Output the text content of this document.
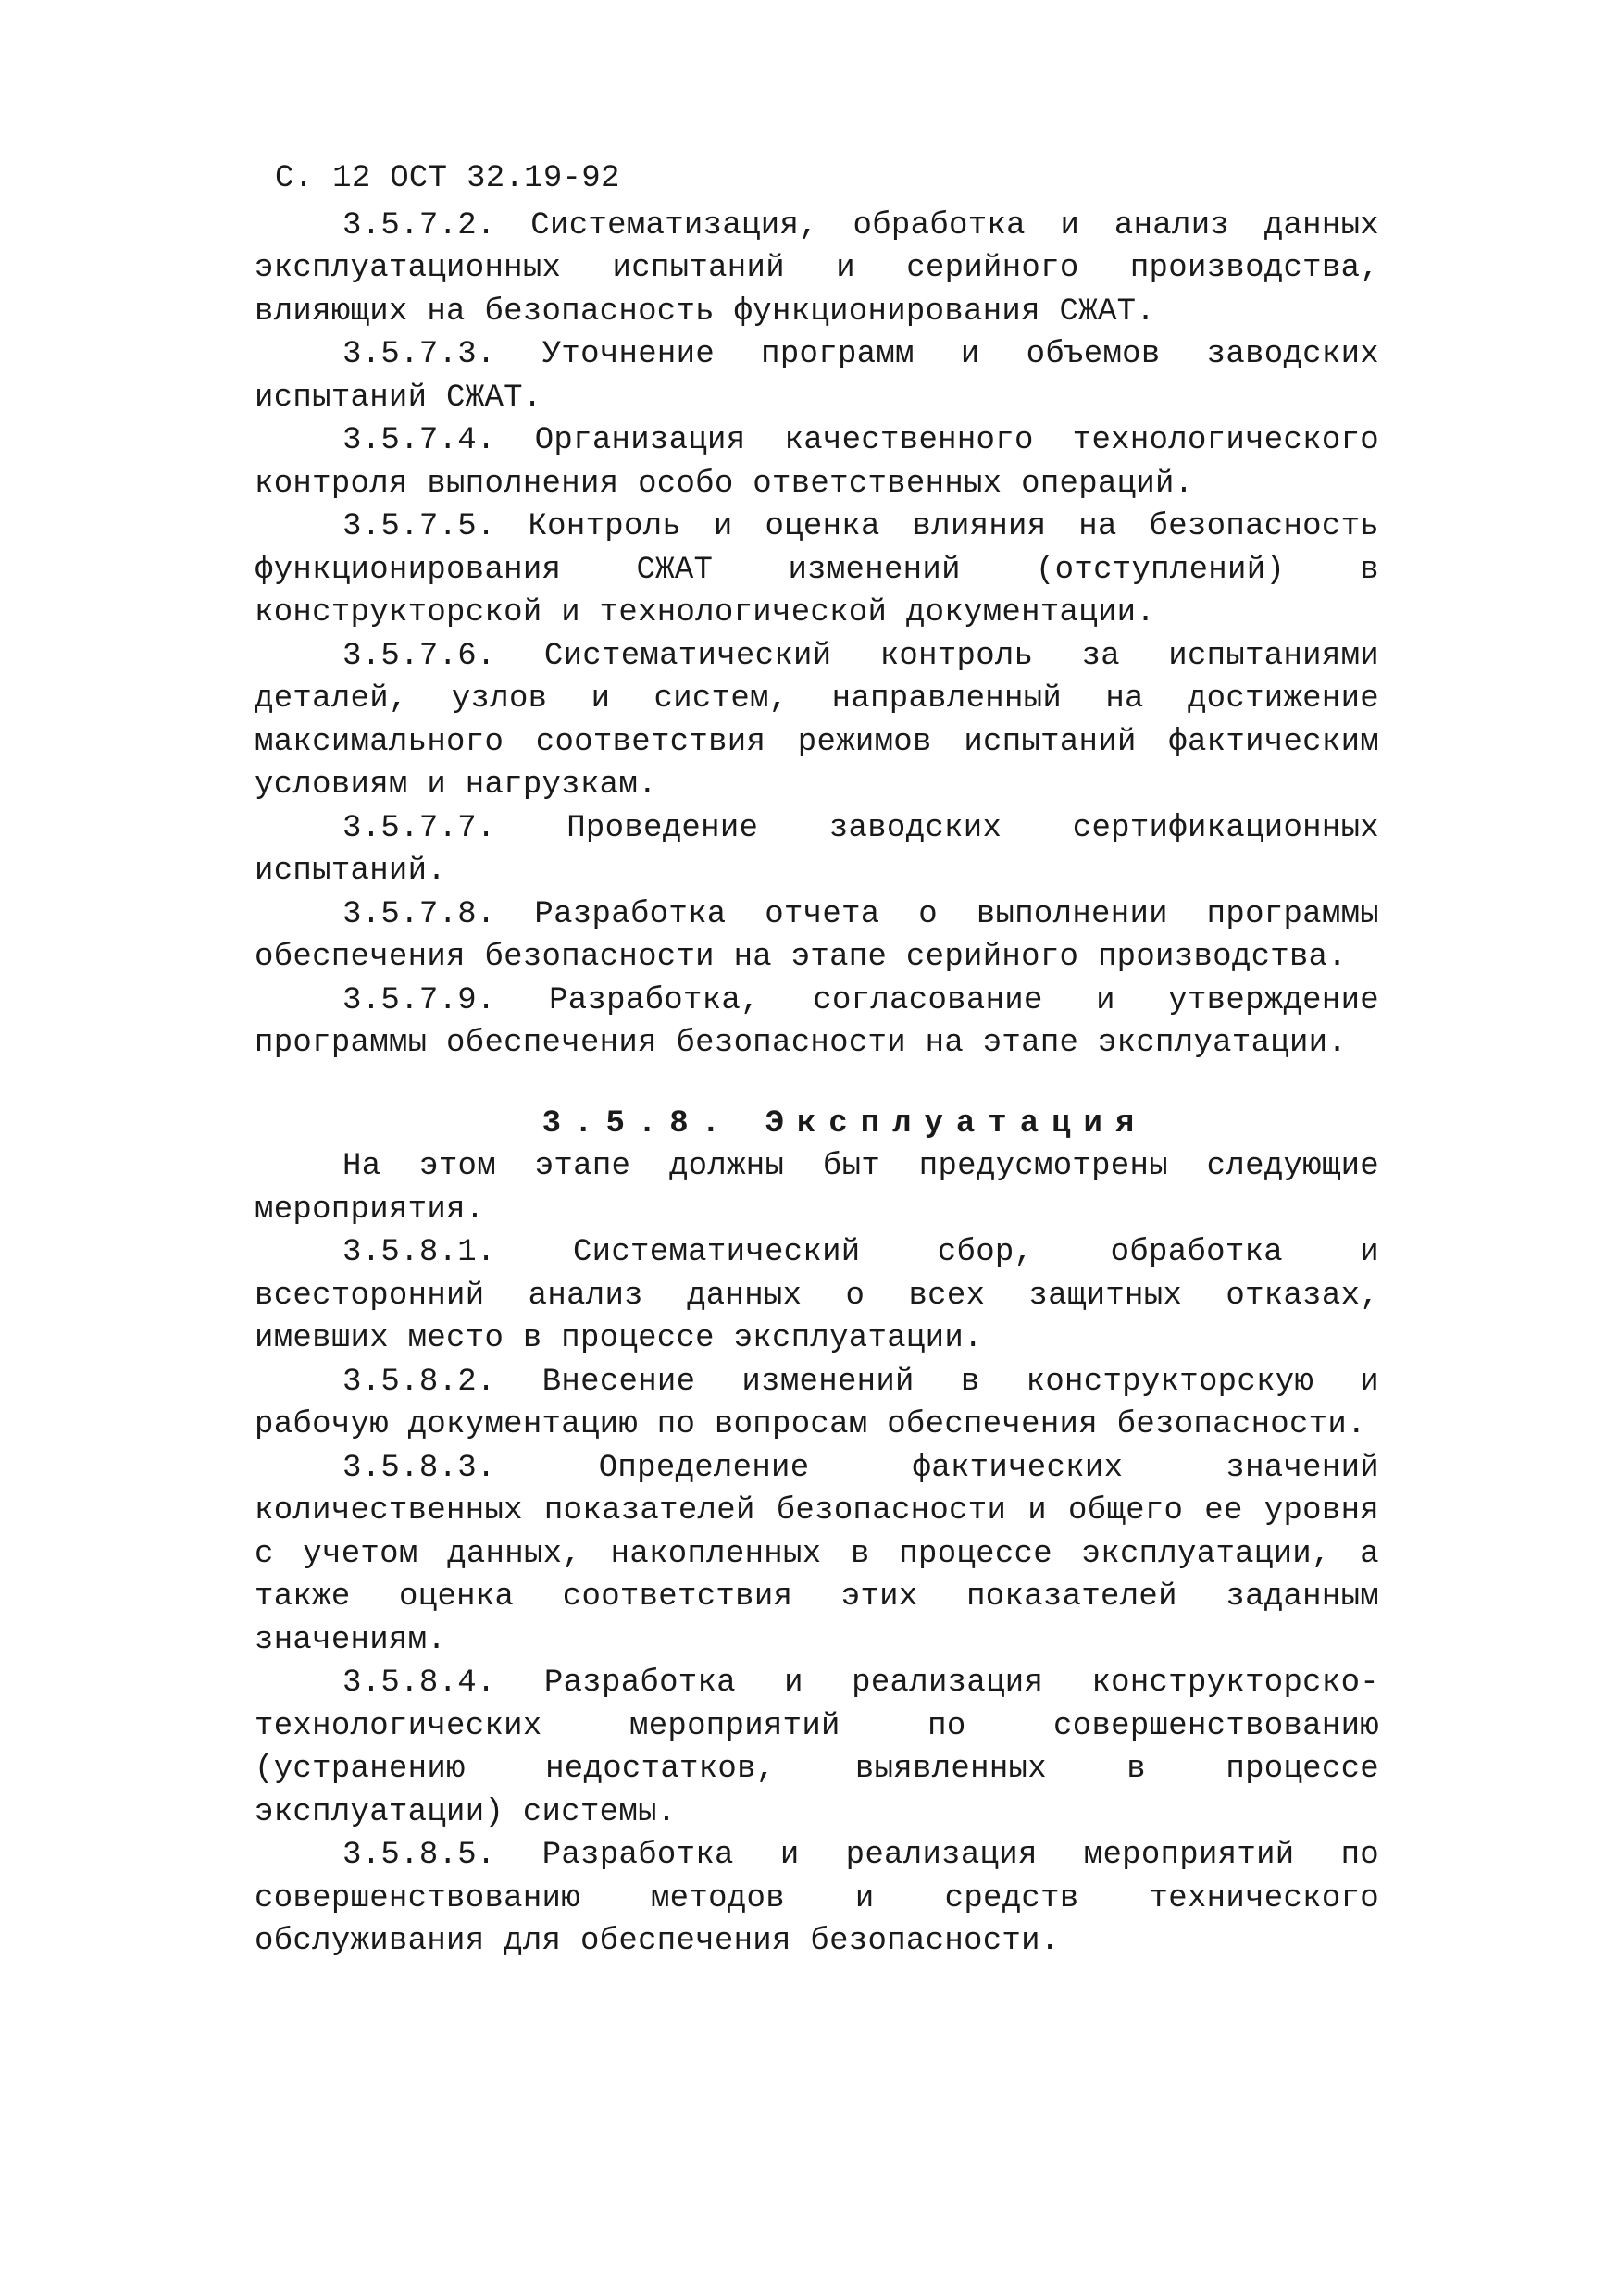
С. 12 ОСТ 32.19-92

3.5.7.2. Систематизация, обработка и анализ данных эксплуатационных испытаний и серийного производства, влияющих на безопасность функционирования СЖАТ.

3.5.7.3. Уточнение программ и объемов заводских испытаний СЖАТ.

3.5.7.4. Организация качественного технологического контроля выполнения особо ответственных операций.

3.5.7.5. Контроль и оценка влияния на безопасность функционирования СЖАТ изменений (отступлений) в конструкторской и технологической документации.

3.5.7.6. Систематический контроль за испытаниями деталей, узлов и систем, направленный на достижение максимального соответствия режимов испытаний фактическим условиям и нагрузкам.

3.5.7.7. Проведение заводских сертификационных испытаний.

3.5.7.8. Разработка отчета о выполнении программы обеспечения безопасности на этапе серийного производства.

3.5.7.9. Разработка, согласование и утверждение программы обеспечения безопасности на этапе эксплуатации.

3.5.8. Эксплуатация

На этом этапе должны быт предусмотрены следующие мероприятия.

3.5.8.1. Систематический сбор, обработка и всесторонний анализ данных о всех защитных отказах, имевших место в процессе эксплуатации.

3.5.8.2. Внесение изменений в конструкторскую и рабочую документацию по вопросам обеспечения безопасности.

3.5.8.3. Определение фактических значений количественных показателей безопасности и общего ее уровня с учетом данных, накопленных в процессе эксплуатации, а также оценка соответствия этих показателей заданным значениям.

3.5.8.4. Разработка и реализация конструкторско-технологических мероприятий по совершенствованию (устранению недостатков, выявленных в процессе эксплуатации) системы.

3.5.8.5. Разработка и реализация мероприятий по совершенствованию методов и средств технического обслуживания для обеспечения безопасности.
